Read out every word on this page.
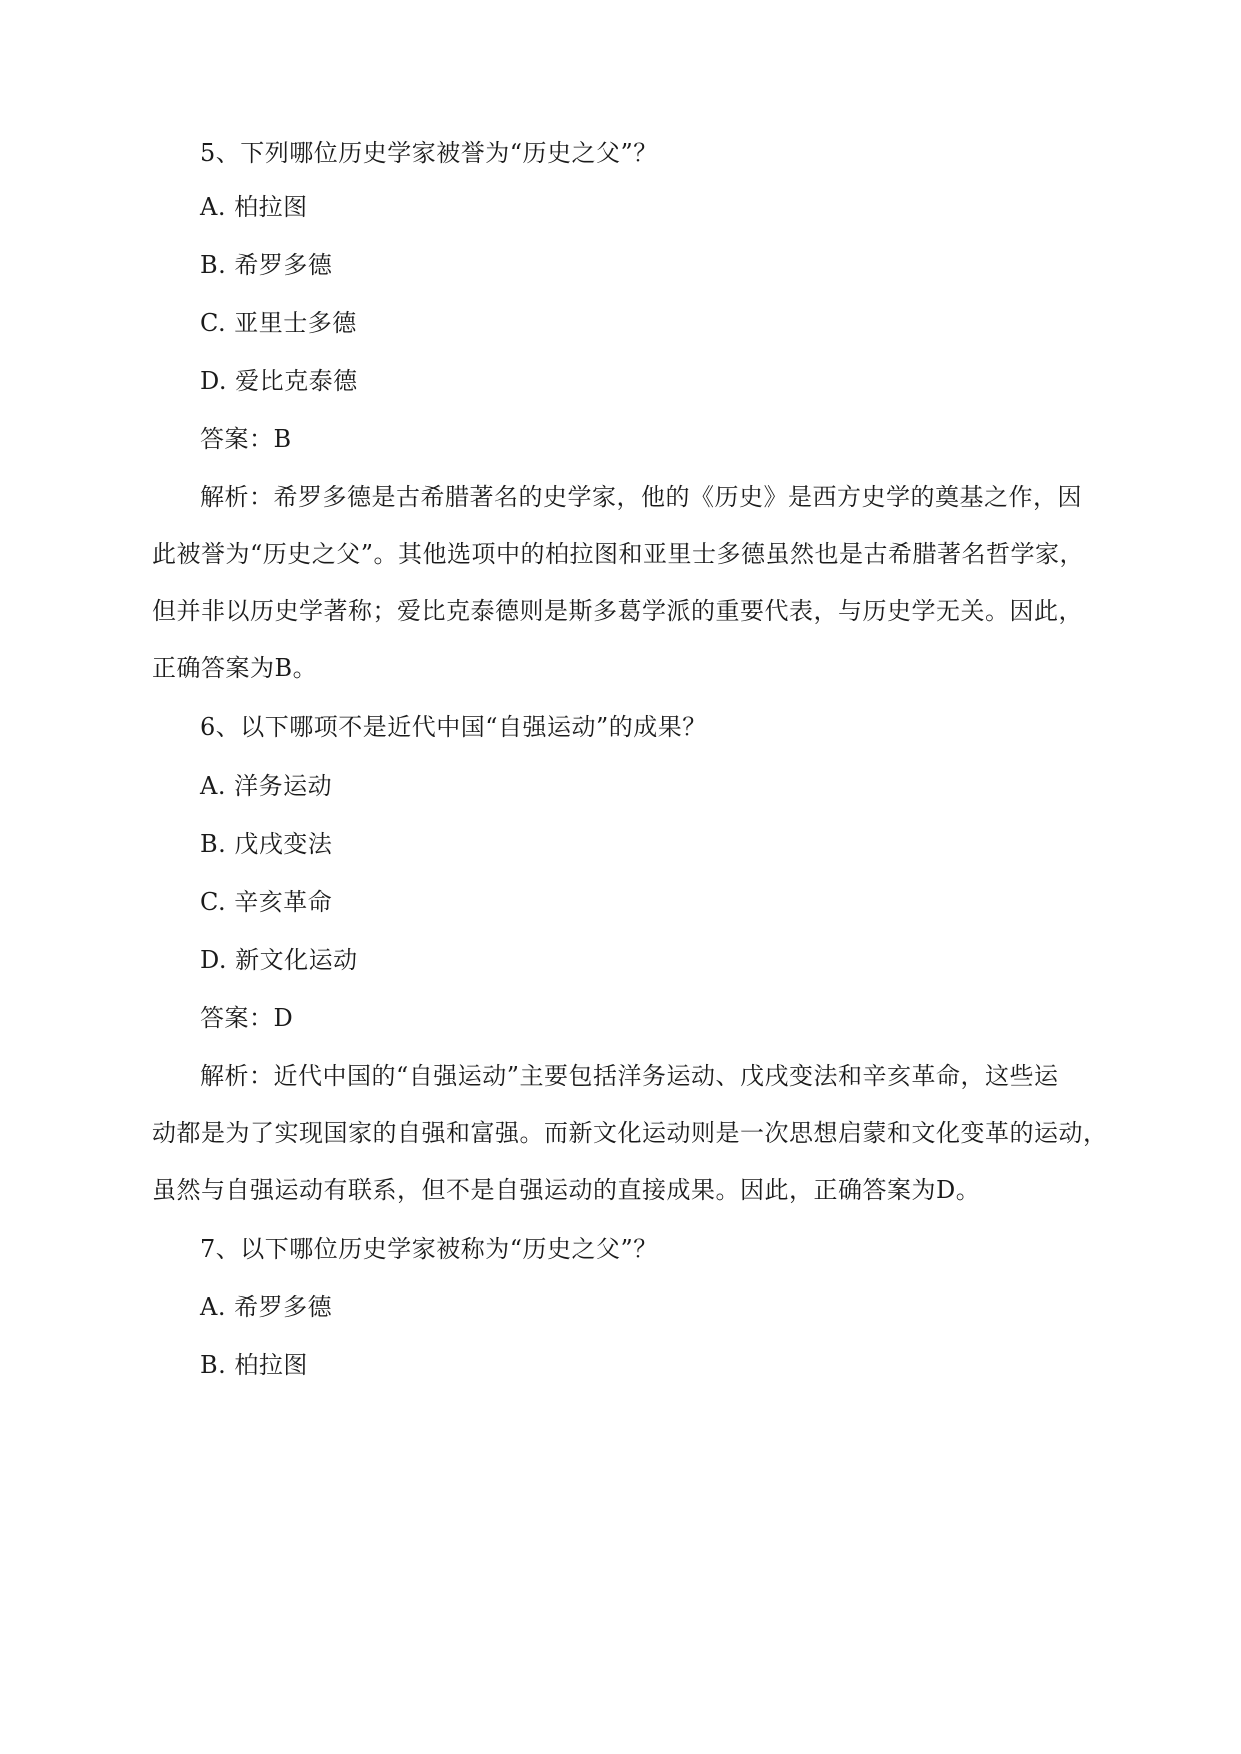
5、下列哪位历史学家被誉为“历史之父”？
A. 柏拉图
B. 希罗多德
C. 亚里士多德
D. 爱比克泰德
答案：B
解析：希罗多德是古希腊著名的史学家，他的《历史》是西方史学的奠基之作，因
此被誉为“历史之父”。其他选项中的柏拉图和亚里士多德虽然也是古希腊著名哲学家，
但并非以历史学著称；爱比克泰德则是斯多葛学派的重要代表，与历史学无关。因此，
正确答案为B。
6、以下哪项不是近代中国“自强运动”的成果？
A. 洋务运动
B. 戊戌变法
C. 辛亥革命
D. 新文化运动
答案：D
解析：近代中国的“自强运动”主要包括洋务运动、戊戌变法和辛亥革命，这些运
动都是为了实现国家的自强和富强。而新文化运动则是一次思想启蒙和文化变革的运动，
虽然与自强运动有联系，但不是自强运动的直接成果。因此，正确答案为D。
7、以下哪位历史学家被称为“历史之父”？
A. 希罗多德
B. 柏拉图
